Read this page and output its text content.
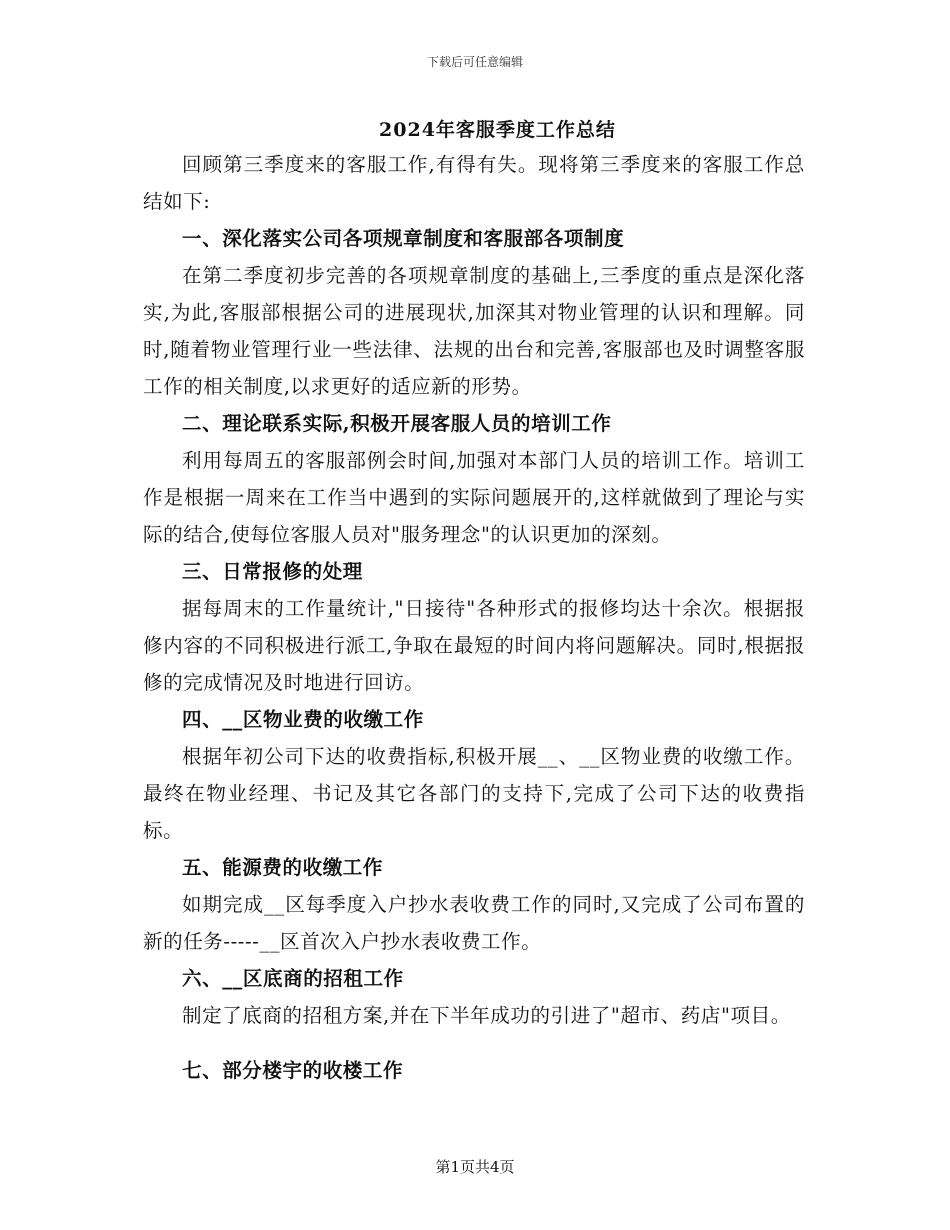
下载后可任意编辑
2024年客服季度工作总结

回顾第三季度来的客服工作,有得有失。现将第三季度来的客服工作总结如下:

一、深化落实公司各项规章制度和客服部各项制度

在第二季度初步完善的各项规章制度的基础上,三季度的重点是深化落实,为此,客服部根据公司的进展现状,加深其对物业管理的认识和理解。同时,随着物业管理行业一些法律、法规的出台和完善,客服部也及时调整客服工作的相关制度,以求更好的适应新的形势。

二、理论联系实际,积极开展客服人员的培训工作

利用每周五的客服部例会时间,加强对本部门人员的培训工作。培训工作是根据一周来在工作当中遇到的实际问题展开的,这样就做到了理论与实际的结合,使每位客服人员对"服务理念"的认识更加的深刻。

三、日常报修的处理

据每周末的工作量统计,"日接待"各种形式的报修均达十余次。根据报修内容的不同积极进行派工,争取在最短的时间内将问题解决。同时,根据报修的完成情况及时地进行回访。

四、__区物业费的收缴工作

根据年初公司下达的收费指标,积极开展__、__区物业费的收缴工作。最终在物业经理、书记及其它各部门的支持下,完成了公司下达的收费指标。

五、能源费的收缴工作

如期完成__区每季度入户抄水表收费工作的同时,又完成了公司布置的新的任务-----__区首次入户抄水表收费工作。

六、__区底商的招租工作

制定了底商的招租方案,并在下半年成功的引进了"超市、药店"项目。

七、部分楼宇的收楼工作

第1页共4页
